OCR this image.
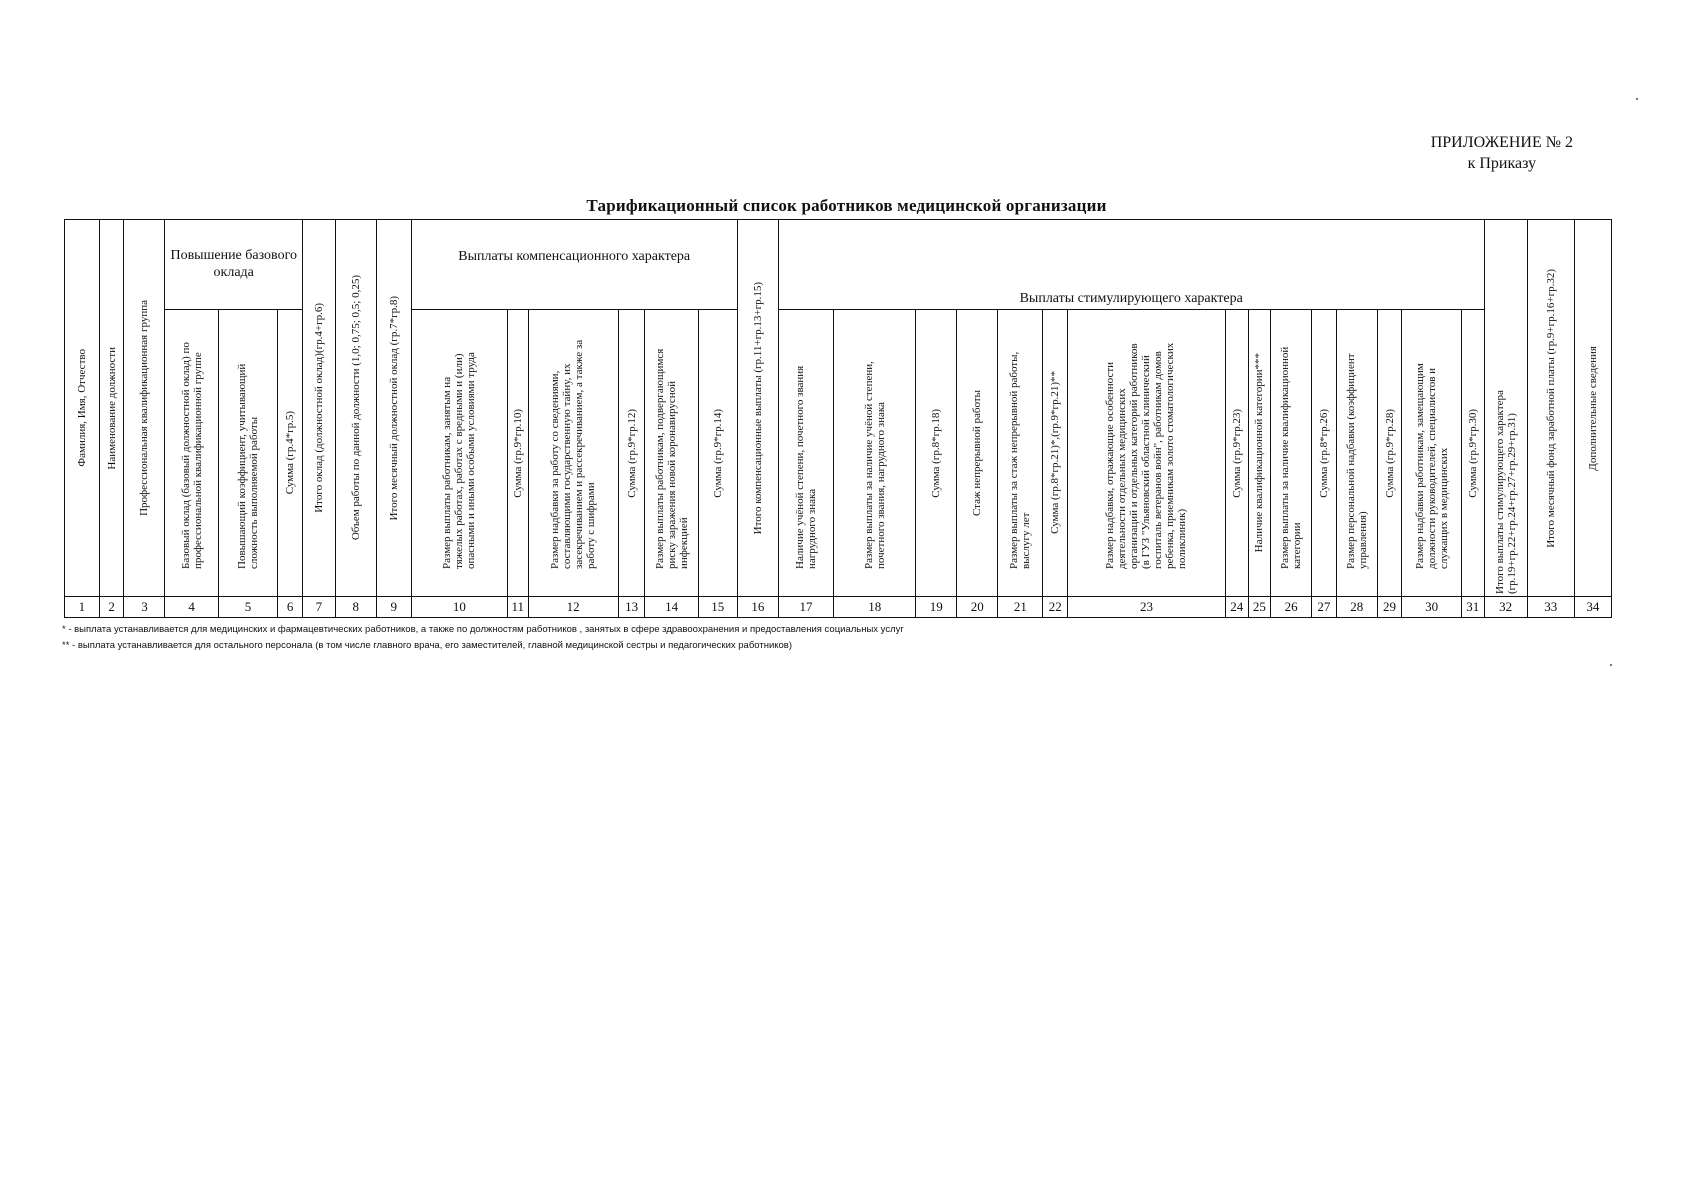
ПРИЛОЖЕНИЕ № 2
к Приказу
Тарификационный список работников медицинской организации
Фамилия, Имя, Отчество	Наименование должности	Профессиональная квалификационная группа	Повышение базового оклада			Итого оклад (должностной оклад)(гр.4+гр.6)	Объем работы по данной должности (1,0; 0,75; 0,5; 0,25)	Итого месячный должностной оклад (гр.7*гр.8)	Выплаты компенсационного характера						Итого компенсационные выплаты (гр.11+гр.13+гр.15)	Выплаты стимулирующего характера															Итого выплаты стимулирующего характера (гр.19+гр.22+гр.24+гр.27+гр.29+гр.31)	Итого месячный фонд заработной платы (гр.9+гр.16+гр.32)	Дополнительные сведения

			Базовый оклад (базовый должностной оклад) по профессиональной квалификационной группе	Повышающий коэффициент, учитывающий сложность выполняемой работы	Сумма (гр.4*гр.5)				Размер выплаты работникам, занятым на тяжелых работах, работах с вредными и (или) опасными и иными особыми условиями труда	Сумма (гр.9*гр.10)	Размер надбавки за работу со сведениями, составляющими государственную тайну, их засекречиванием и рассекречиванием, а также за работу с шифрами	Сумма (гр.9*гр.12)	Размер выплаты работникам, подвергающимся риску заражения новой коронавирусной инфекцией	Сумма (гр.9*гр.14)		Наличие учёной степени, почетного звания нагрудного знака	Размер выплаты за наличие учёной степени, почетного звания, нагрудного знака	Сумма (гр.8*гр.18)	Стаж непрерывной работы	Размер выплаты за стаж непрерывной работы, выслугу лет	Сумма (гр.8*гр.21)*,(гр.9*гр.21)**	Размер надбавки, отражающие особенности деятельности отдельных медицинских организаций и отдельных категорий работников (в ГУЗ "Ульяновский областной клинический госпиталь ветеранов войн", работникам домов ребенка, приемникам золото стоматологических поликлиник)	Сумма (гр.9*гр.23)	Наличие квалификационной категории***	Размер выплаты за наличие квалификационной категории	Сумма (гр.8*гр.26)	Размер персональной надбавки (коэффициент управления)	Сумма (гр.9*гр.28)	Размер надбавки работникам, замещающим должности руководителей, специалистов и служащих в медицинских	Сумма (гр.9*гр.30)			

1	2	3	4	5	6	7	8	9	10	11	12	13	14	15	16	17	18	19	20	21	22	23	24	25	26	27	28	29	30	31	32	33	34
* - выплата устанавливается для медицинских и фармацевтических работников, а также по должностям работников , занятых в сфере здравоохранения и предоставления социальных услуг
** - выплата устанавливается для остального персонала (в том числе главного врача, его заместителей, главной медицинской сестры и педагогических работников)
